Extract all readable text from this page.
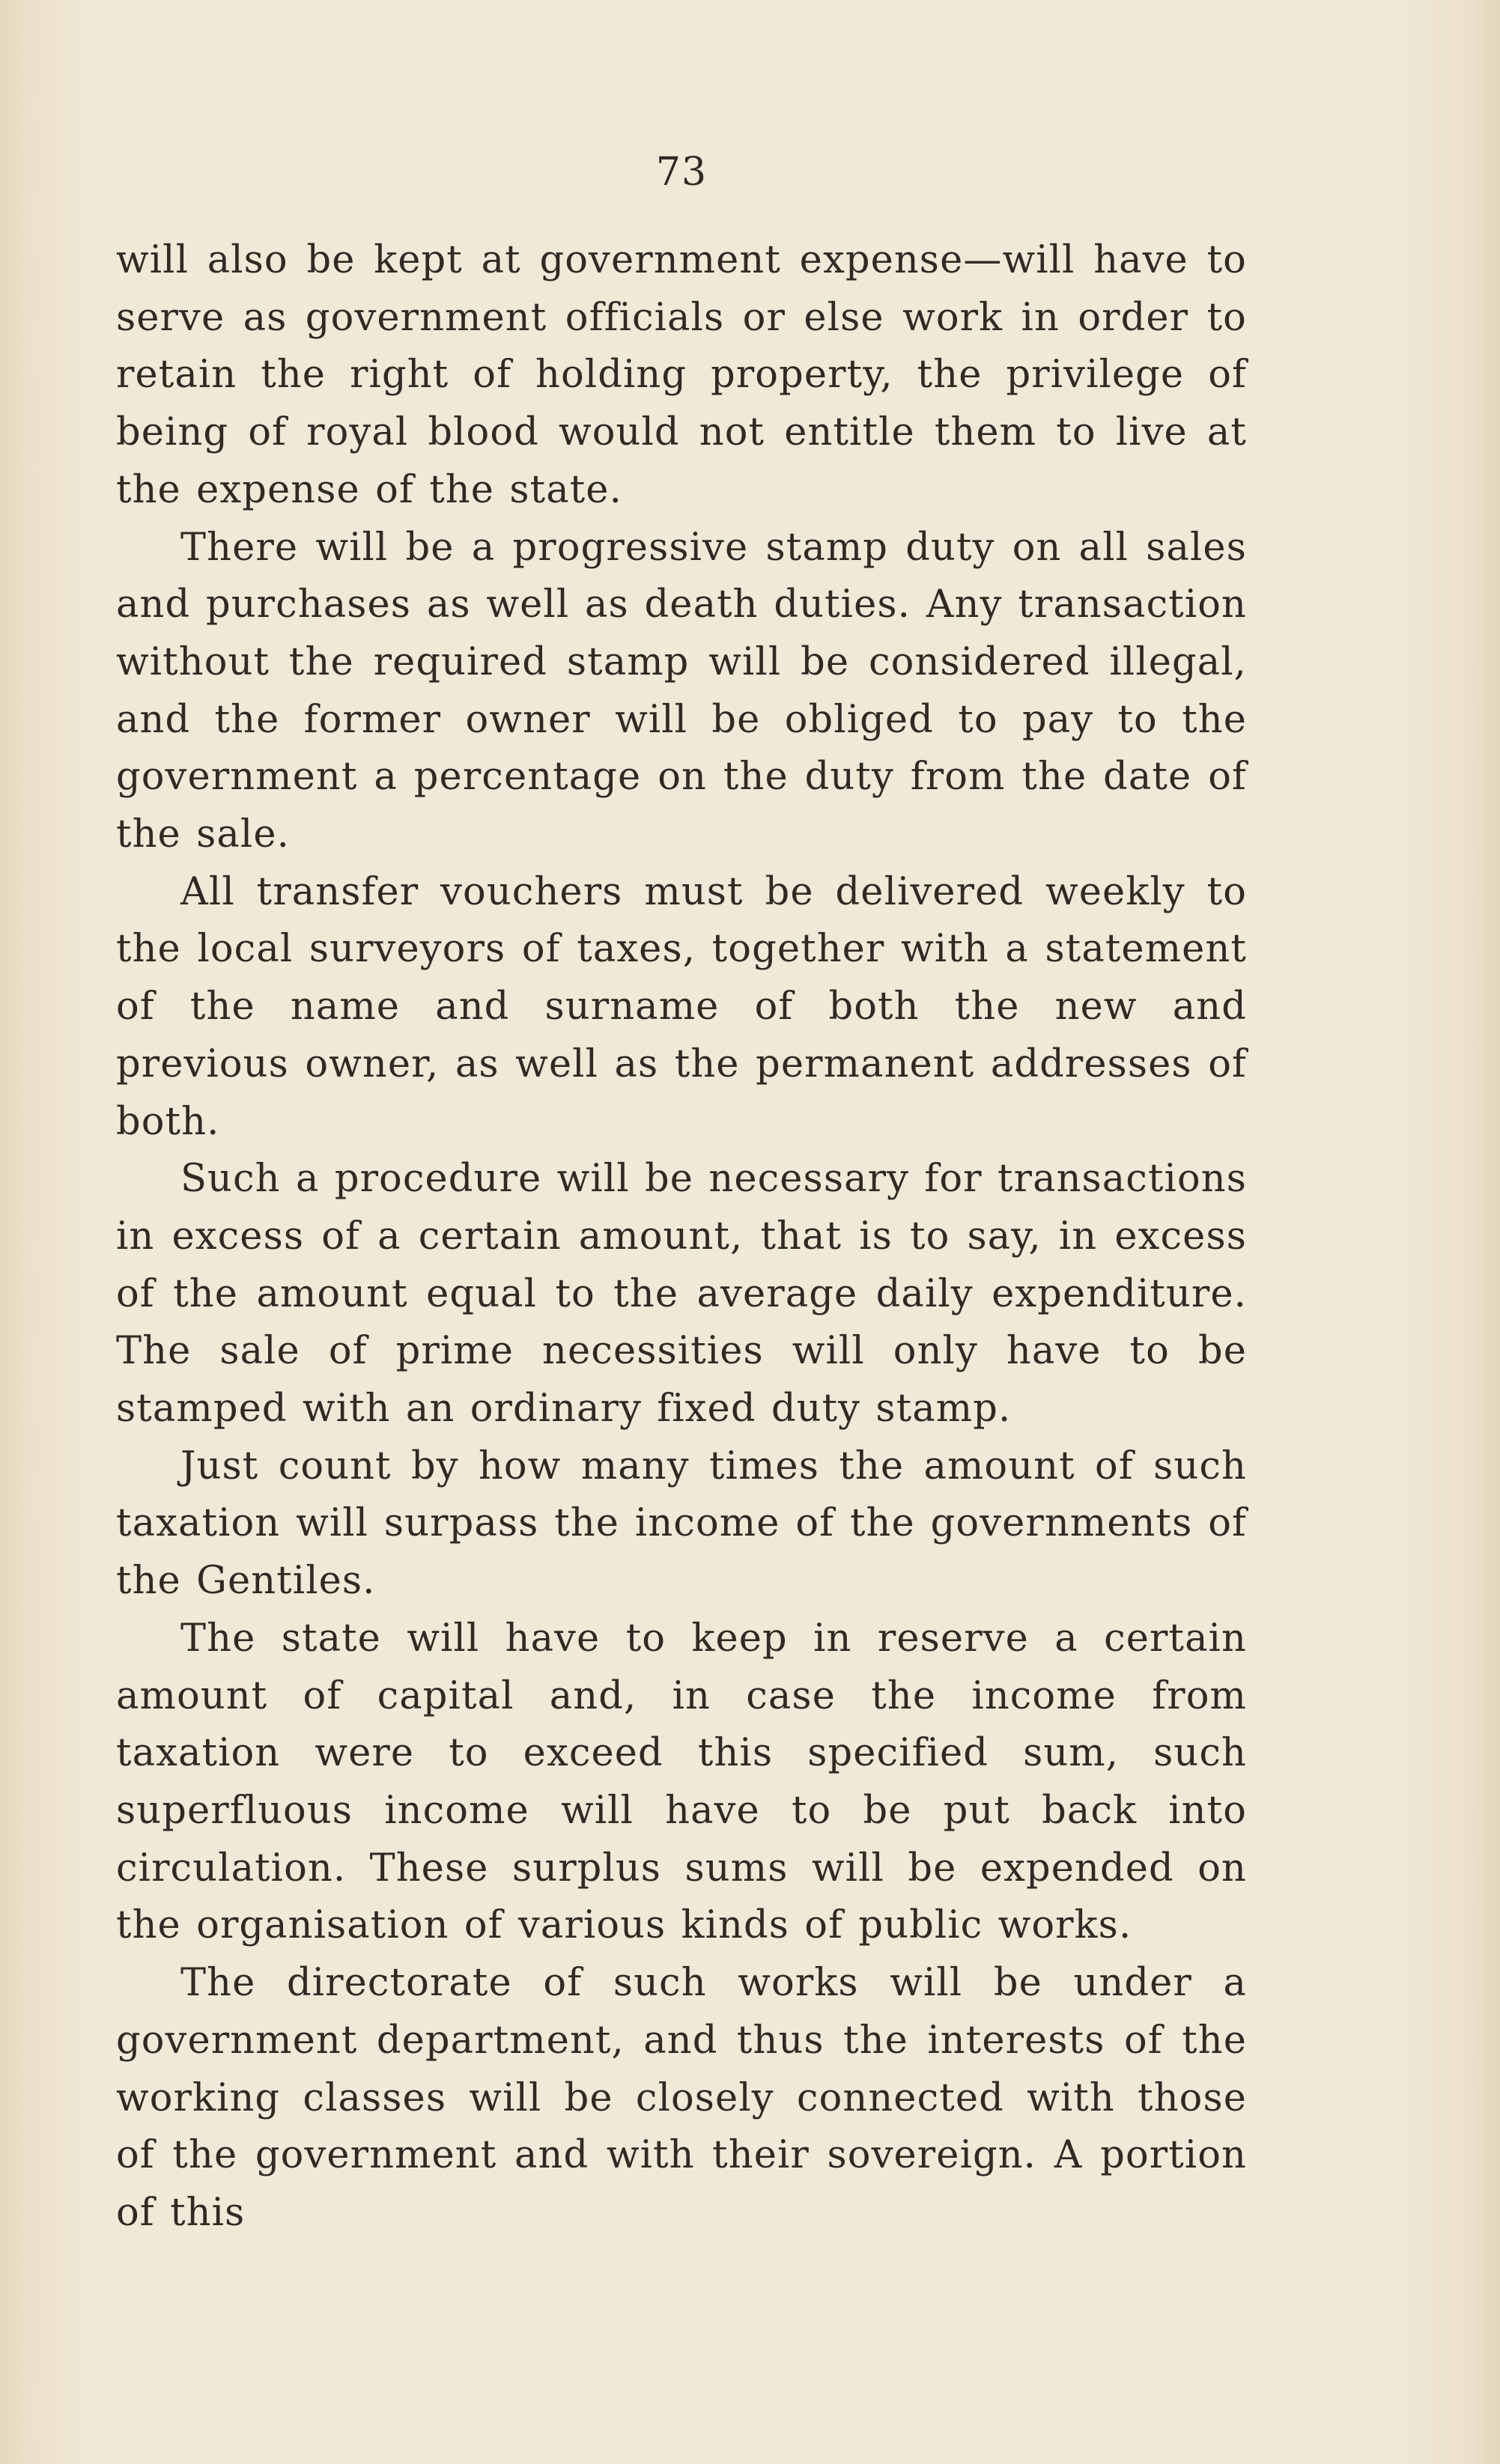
73

will also be kept at government expense—will have to serve as government officials or else work in order to retain the right of holding property, the privilege of being of royal blood would not entitle them to live at the expense of the state.

There will be a progressive stamp duty on all sales and purchases as well as death duties. Any transaction without the required stamp will be considered illegal, and the former owner will be obliged to pay to the government a percentage on the duty from the date of the sale.

All transfer vouchers must be delivered weekly to the local surveyors of taxes, together with a statement of the name and surname of both the new and previous owner, as well as the permanent addresses of both.

Such a procedure will be necessary for transactions in excess of a certain amount, that is to say, in excess of the amount equal to the average daily expenditure. The sale of prime necessities will only have to be stamped with an ordinary fixed duty stamp.

Just count by how many times the amount of such taxation will surpass the income of the governments of the Gentiles.

The state will have to keep in reserve a certain amount of capital and, in case the income from taxation were to exceed this specified sum, such superfluous income will have to be put back into circulation. These surplus sums will be expended on the organisation of various kinds of public works.

The directorate of such works will be under a government department, and thus the interests of the working classes will be closely connected with those of the government and with their sovereign. A portion of this
